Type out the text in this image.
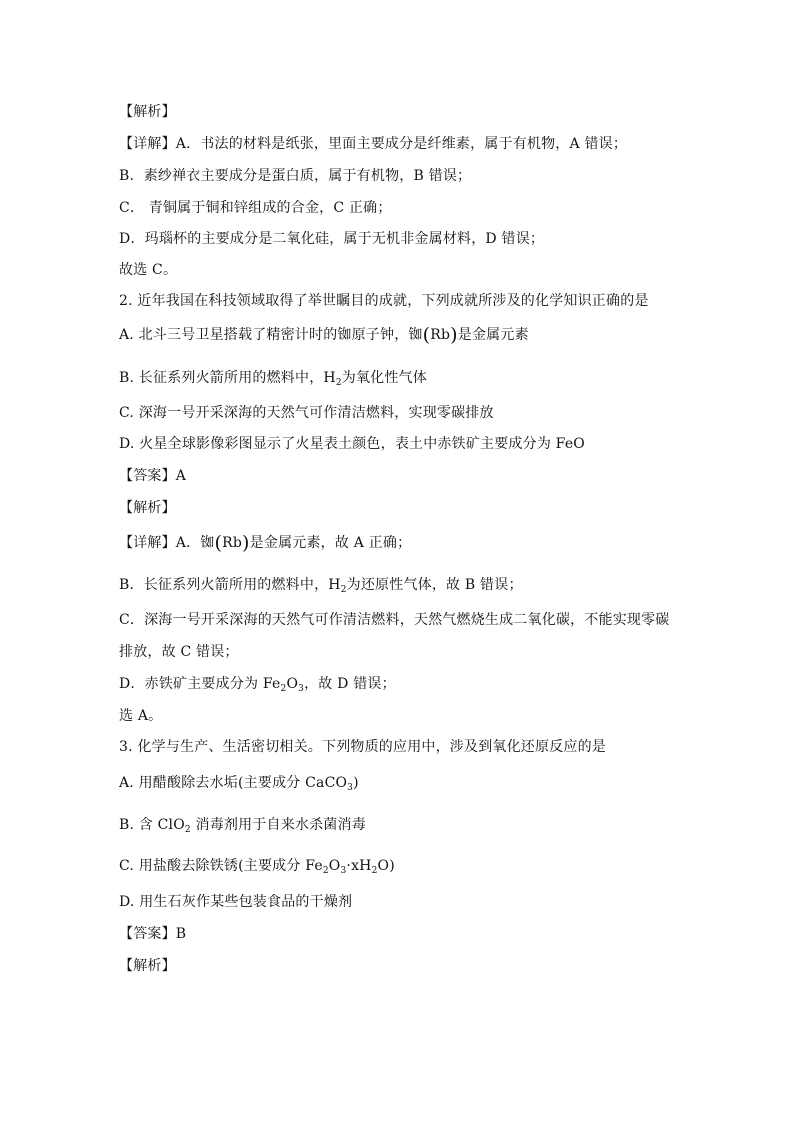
【解析】
【详解】A．书法的材料是纸张，里面主要成分是纤维素，属于有机物，A 错误；
B．素纱禅衣主要成分是蛋白质，属于有机物，B 错误；
C． 青铜属于铜和锌组成的合金，C 正确；
D．玛瑙杯的主要成分是二氧化硅，属于无机非金属材料，D 错误；
故选 C。
2. 近年我国在科技领域取得了举世瞩目的成就，下列成就所涉及的化学知识正确的是
A. 北斗三号卫星搭载了精密计时的铷原子钟，铷(Rb)是金属元素
B. 长征系列火箭所用的燃料中，$H_2$为氧化性气体
C. 深海一号开采深海的天然气可作清洁燃料，实现零碳排放
D. 火星全球影像彩图显示了火星表土颜色，表土中赤铁矿主要成分为 FeO
【答案】A
【解析】
【详解】A．铷(Rb)是金属元素，故 A 正确；
B．长征系列火箭所用的燃料中，$H_2$为还原性气体，故 B 错误；
C．深海一号开采深海的天然气可作清洁燃料，天然气燃烧生成二氧化碳，不能实现零碳
排放，故 C 错误；
D．赤铁矿主要成分为 $Fe_2O_3$，故 D 错误；
选 A。
3. 化学与生产、生活密切相关。下列物质的应用中，涉及到氧化还原反应的是
A. 用醋酸除去水垢(主要成分 CaCO$_3$)
B. 含 ClO$_2$ 消毒剂用于自来水杀菌消毒
C. 用盐酸去除铁锈(主要成分 $Fe_2O_3\cdot xH_2O$)
D. 用生石灰作某些包装食品的干燥剂
【答案】B
【解析】
